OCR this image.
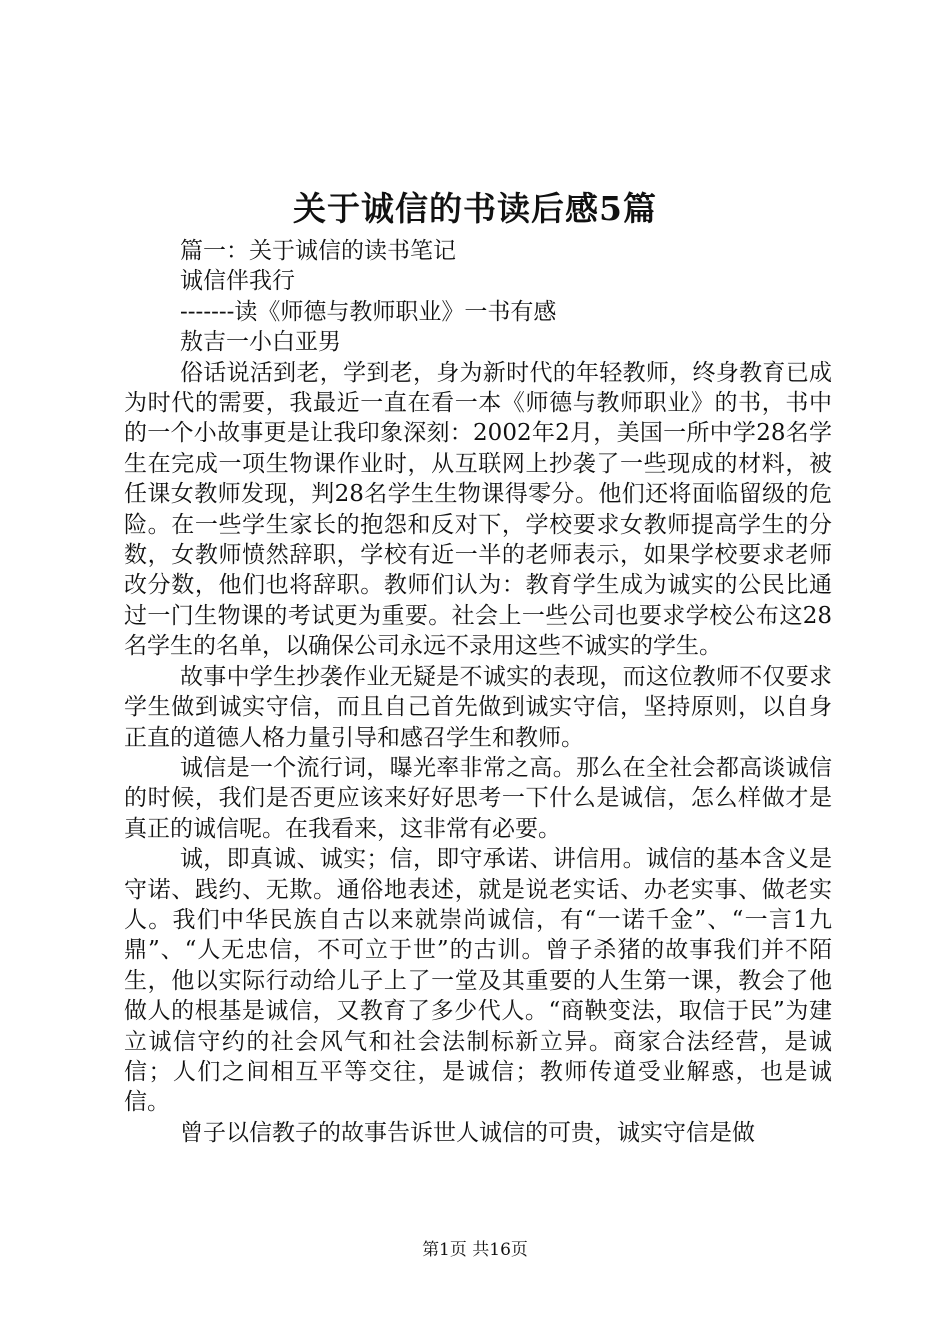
关于诚信的书读后感5篇

篇一：关于诚信的读书笔记

诚信伴我行

-------读《师德与教师职业》一书有感

敖吉一小白亚男

俗话说活到老，学到老，身为新时代的年轻教师，终身教育已成为时代的需要，我最近一直在看一本《师德与教师职业》的书，书中的一个小故事更是让我印象深刻：2002年2月，美国一所中学28名学生在完成一项生物课作业时，从互联网上抄袭了一些现成的材料，被任课女教师发现，判28名学生生物课得零分。他们还将面临留级的危险。在一些学生家长的抱怨和反对下，学校要求女教师提高学生的分数，女教师愤然辞职，学校有近一半的老师表示，如果学校要求老师改分数，他们也将辞职。教师们认为：教育学生成为诚实的公民比通过一门生物课的考试更为重要。社会上一些公司也要求学校公布这28名学生的名单，以确保公司永远不录用这些不诚实的学生。

故事中学生抄袭作业无疑是不诚实的表现，而这位教师不仅要求学生做到诚实守信，而且自己首先做到诚实守信，坚持原则，以自身正直的道德人格力量引导和感召学生和教师。

诚信是一个流行词，曝光率非常之高。那么在全社会都高谈诚信的时候，我们是否更应该来好好思考一下什么是诚信，怎么样做才是真正的诚信呢。在我看来，这非常有必要。

诚，即真诚、诚实；信，即守承诺、讲信用。诚信的基本含义是守诺、践约、无欺。通俗地表述，就是说老实话、办老实事、做老实人。我们中华民族自古以来就崇尚诚信，有“一诺千金”、“一言1九鼎”、“人无忠信，不可立于世”的古训。曾子杀猪的故事我们并不陌生，他以实际行动给儿子上了一堂及其重要的人生第一课，教会了他做人的根基是诚信，又教育了多少代人。“商鞅变法，取信于民”为建立诚信守约的社会风气和社会法制标新立异。商家合法经营，是诚信；人们之间相互平等交往，是诚信；教师传道受业解惑，也是诚信。

曾子以信教子的故事告诉世人诚信的可贵，诚实守信是做

第1页 共16页
